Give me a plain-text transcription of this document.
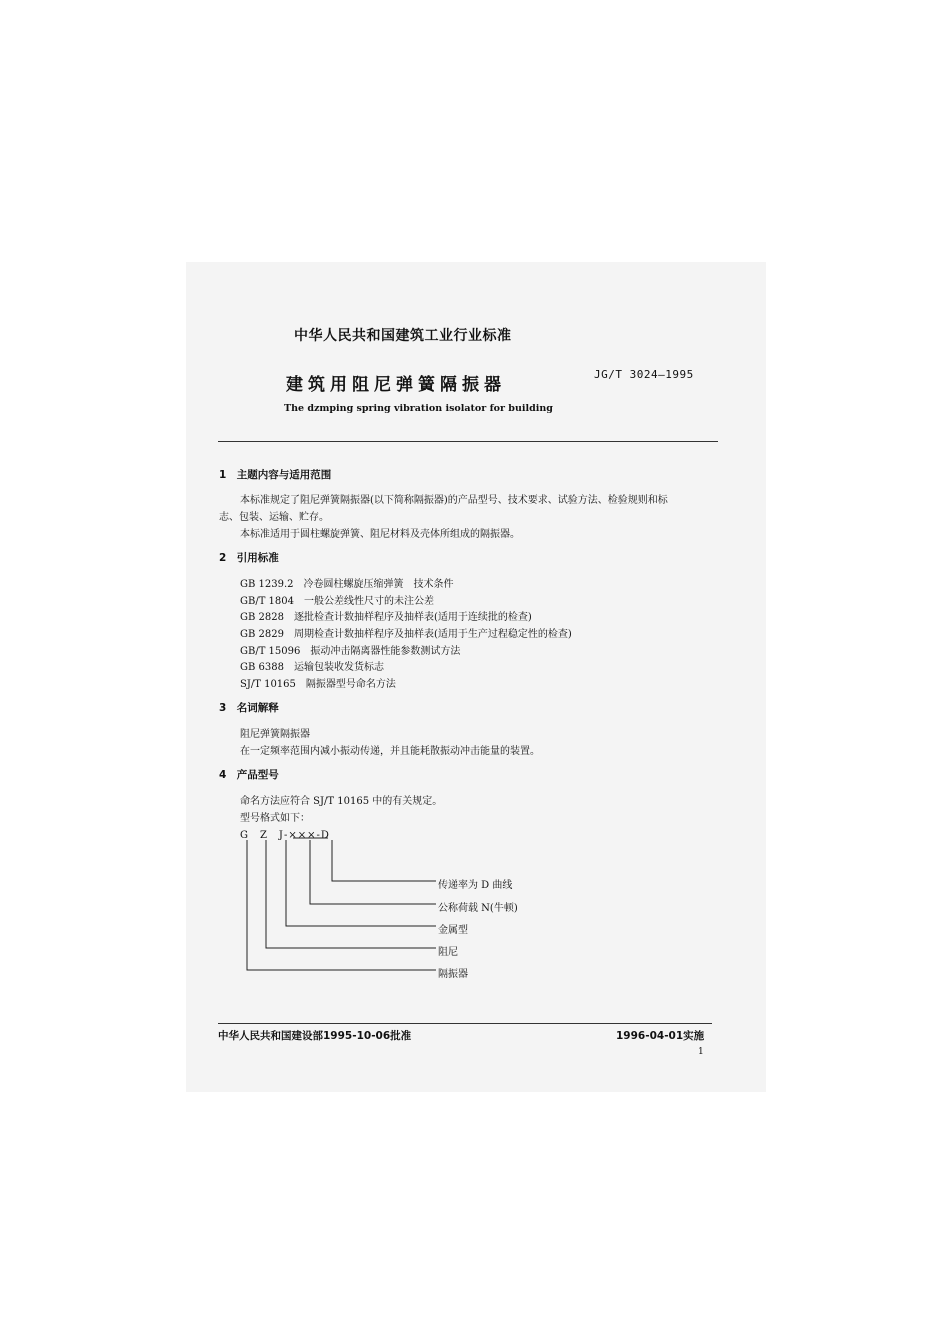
中华人民共和国建筑工业行业标准
建筑用阻尼弹簧隔振器
JG/T 3024—1995
The dzmping spring vibration isolator for building
1　主题内容与适用范围
本标准规定了阻尼弹簧隔振器(以下简称隔振器)的产品型号、技术要求、试验方法、检验规则和标
志、包装、运输、贮存。
本标准适用于圆柱螺旋弹簧、阻尼材料及壳体所组成的隔振器。
2　引用标准
GB 1239.2　冷卷圆柱螺旋压缩弹簧　技术条件
GB/T 1804　一般公差线性尺寸的未注公差
GB 2828　逐批检查计数抽样程序及抽样表(适用于连续批的检查)
GB 2829　周期检查计数抽样程序及抽样表(适用于生产过程稳定性的检查)
GB/T 15096　振动冲击隔离器性能参数测试方法
GB 6388　运输包装收发货标志
SJ/T 10165　隔振器型号命名方法
3　名词解释
阻尼弹簧隔振器
在一定频率范围内减小振动传递，并且能耗散振动冲击能量的装置。
4　产品型号
命名方法应符合 SJ/T 10165 中的有关规定。
型号格式如下：
G　Z　J-×××-D
传递率为 D 曲线
公称荷载 N(牛顿)
金属型
阻尼
隔振器
中华人民共和国建设部1995-10-06批准	1996-04-01实施
1
